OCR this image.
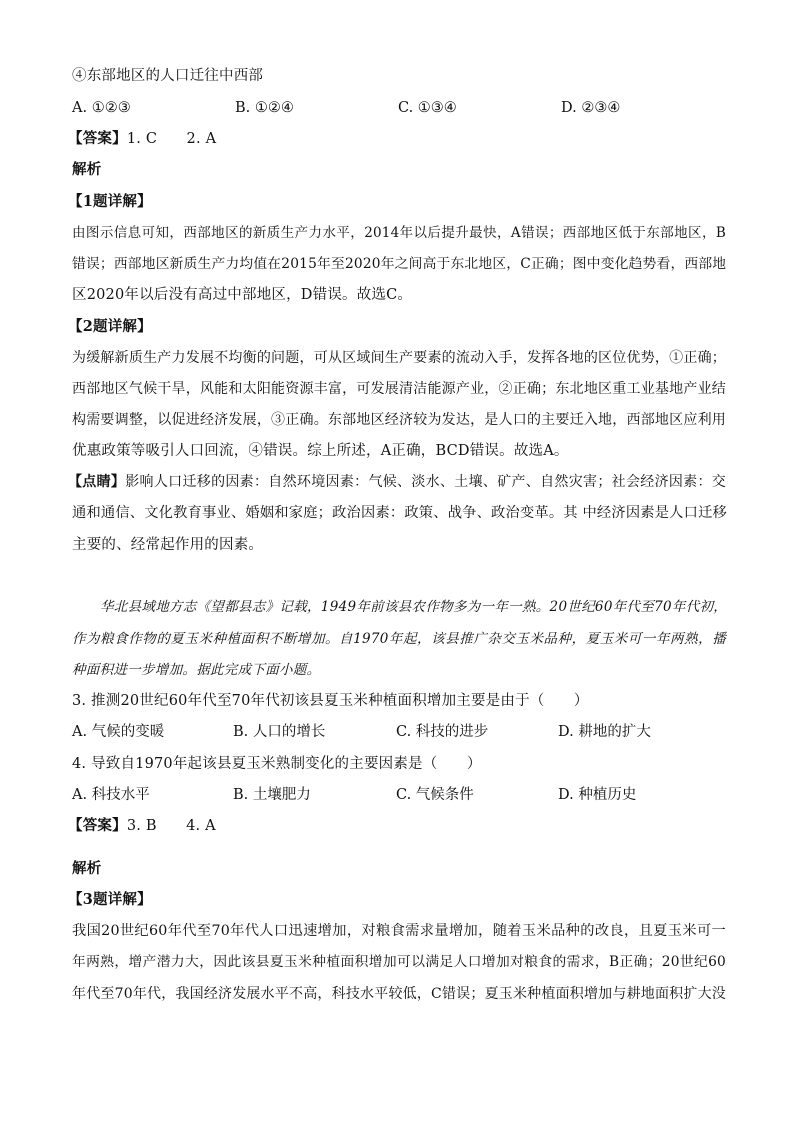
④东部地区的人口迁往中西部
A. ①②③	B. ①②④	C. ①③④	D. ②③④
【答案】1. C　　2. A
解析
【1题详解】
由图示信息可知，西部地区的新质生产力水平，2014年以后提升最快，A错误；西部地区低于东部地区，B
错误；西部地区新质生产力均值在2015年至2020年之间高于东北地区，C正确；图中变化趋势看，西部地
区2020年以后没有高过中部地区，D错误。故选C。
【2题详解】
为缓解新质生产力发展不均衡的问题，可从区域间生产要素的流动入手，发挥各地的区位优势，①正确；
西部地区气候干旱，风能和太阳能资源丰富，可发展清洁能源产业，②正确；东北地区重工业基地产业结
构需要调整，以促进经济发展，③正确。东部地区经济较为发达，是人口的主要迁入地，西部地区应利用
优惠政策等吸引人口回流，④错误。综上所述，A正确，BCD错误。故选A。
【点睛】影响人口迁移的因素：自然环境因素：气候、淡水、土壤、矿产、自然灾害；社会经济因素：交
通和通信、文化教育事业、婚姻和家庭；政治因素：政策、战争、政治变革。其 中经济因素是人口迁移
主要的、经常起作用的因素。
华北县域地方志《望都县志》记载，1949年前该县农作物多为一年一熟。20世纪60年代至70年代初，
作为粮食作物的夏玉米种植面积不断增加。自1970年起，该县推广杂交玉米品种，夏玉米可一年两熟，播
种面积进一步增加。据此完成下面小题。
3. 推测20世纪60年代至70年代初该县夏玉米种植面积增加主要是由于（　　）
A. 气候的变暖	B. 人口的增长	C. 科技的进步	D. 耕地的扩大
4. 导致自1970年起该县夏玉米熟制变化的主要因素是（　　）
A. 科技水平	B. 土壤肥力	C. 气候条件	D. 种植历史
【答案】3. B　　4. A
解析
【3题详解】
我国20世纪60年代至70年代人口迅速增加，对粮食需求量增加，随着玉米品种的改良，且夏玉米可一
年两熟，增产潜力大，因此该县夏玉米种植面积增加可以满足人口增加对粮食的需求，B正确；20世纪60
年代至70年代，我国经济发展水平不高，科技水平较低，C错误；夏玉米种植面积增加与耕地面积扩大没
